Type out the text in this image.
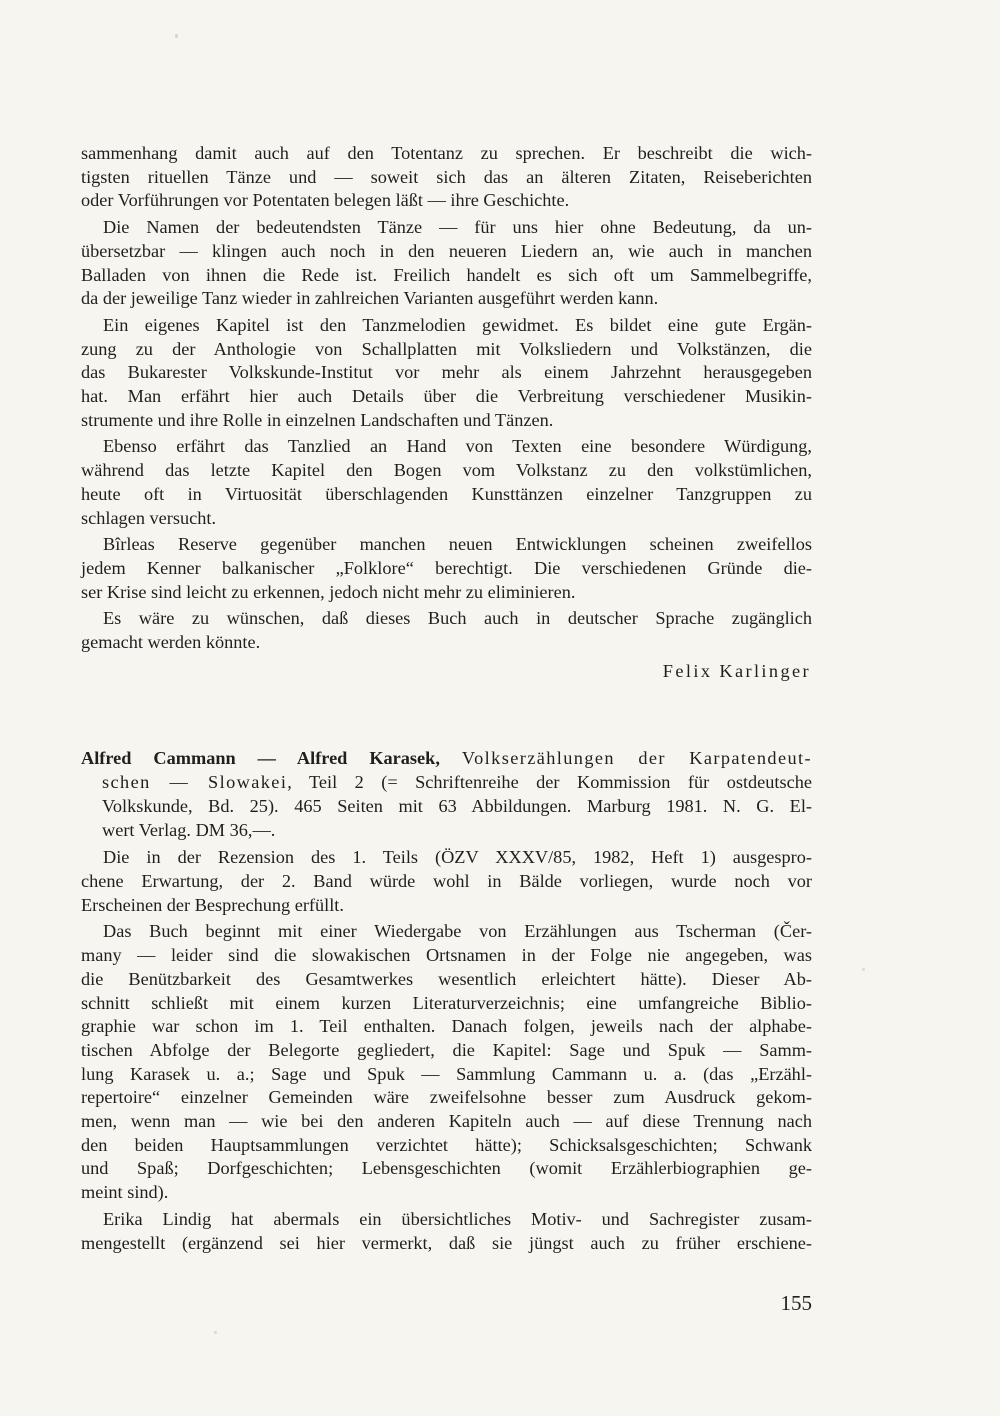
sammenhang damit auch auf den Totentanz zu sprechen. Er beschreibt die wich-
tigsten rituellen Tänze und — soweit sich das an älteren Zitaten, Reiseberichten
oder Vorführungen vor Potentaten belegen läßt — ihre Geschichte.
Die Namen der bedeutendsten Tänze — für uns hier ohne Bedeutung, da un-
übersetzbar — klingen auch noch in den neueren Liedern an, wie auch in manchen
Balladen von ihnen die Rede ist. Freilich handelt es sich oft um Sammelbegriffe,
da der jeweilige Tanz wieder in zahlreichen Varianten ausgeführt werden kann.
Ein eigenes Kapitel ist den Tanzmelodien gewidmet. Es bildet eine gute Ergän-
zung zu der Anthologie von Schallplatten mit Volksliedern und Volkstänzen, die
das Bukarester Volkskunde-Institut vor mehr als einem Jahrzehnt herausgegeben
hat. Man erfährt hier auch Details über die Verbreitung verschiedener Musikin-
strumente und ihre Rolle in einzelnen Landschaften und Tänzen.
Ebenso erfährt das Tanzlied an Hand von Texten eine besondere Würdigung,
während das letzte Kapitel den Bogen vom Volkstanz zu den volkstümlichen,
heute oft in Virtuosität überschlagenden Kunsttänzen einzelner Tanzgruppen zu
schlagen versucht.
Bîrleas Reserve gegenüber manchen neuen Entwicklungen scheinen zweifellos
jedem Kenner balkanischer „Folklore“ berechtigt. Die verschiedenen Gründe die-
ser Krise sind leicht zu erkennen, jedoch nicht mehr zu eliminieren.
Es wäre zu wünschen, daß dieses Buch auch in deutscher Sprache zugänglich
gemacht werden könnte.
Felix Karlinger
Alfred Cammann — Alfred Karasek, Volkserzählungen der Karpatendeut-
schen — Slowakei, Teil 2 (= Schriftenreihe der Kommission für ostdeutsche
Volkskunde, Bd. 25). 465 Seiten mit 63 Abbildungen. Marburg 1981. N. G. El-
wert Verlag. DM 36,—.
Die in der Rezension des 1. Teils (ÖZV XXXV/85, 1982, Heft 1) ausgespro-
chene Erwartung, der 2. Band würde wohl in Bälde vorliegen, wurde noch vor
Erscheinen der Besprechung erfüllt.
Das Buch beginnt mit einer Wiedergabe von Erzählungen aus Tscherman (Čer-
many — leider sind die slowakischen Ortsnamen in der Folge nie angegeben, was
die Benützbarkeit des Gesamtwerkes wesentlich erleichtert hätte). Dieser Ab-
schnitt schließt mit einem kurzen Literaturverzeichnis; eine umfangreiche Biblio-
graphie war schon im 1. Teil enthalten. Danach folgen, jeweils nach der alphabe-
tischen Abfolge der Belegorte gegliedert, die Kapitel: Sage und Spuk — Samm-
lung Karasek u. a.; Sage und Spuk — Sammlung Cammann u. a. (das „Erzähl-
repertoire“ einzelner Gemeinden wäre zweifelsohne besser zum Ausdruck gekom-
men, wenn man — wie bei den anderen Kapiteln auch — auf diese Trennung nach
den beiden Hauptsammlungen verzichtet hätte); Schicksalsgeschichten; Schwank
und Spaß; Dorfgeschichten; Lebensgeschichten (womit Erzählerbiographien ge-
meint sind).
Erika Lindig hat abermals ein übersichtliches Motiv- und Sachregister zusam-
mengestellt (ergänzend sei hier vermerkt, daß sie jüngst auch zu früher erschiene-
155
